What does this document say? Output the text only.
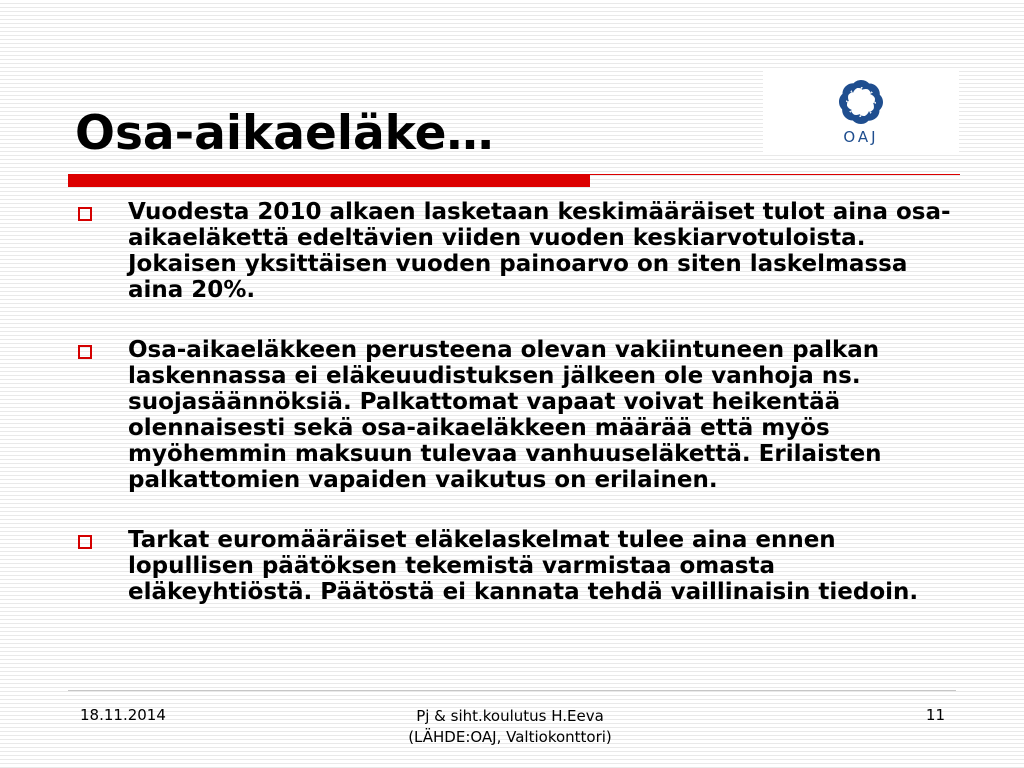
Osa-aikaeläke…	OAJ
Vuodesta 2010 alkaen lasketaan keskimääräiset tulot aina osa-aikaeläkettä edeltävien viiden vuoden keskiarvotuloista. Jokaisen yksittäisen vuoden painoarvo on siten laskelmassa aina 20%.
Osa-aikaeläkkeen perusteena olevan vakiintuneen palkan laskennassa ei eläkeuudistuksen jälkeen ole vanhoja ns. suojasäännöksiä. Palkattomat vapaat voivat heikentää olennaisesti sekä osa-aikaeläkkeen määrää että myös myöhemmin maksuun tulevaa vanhuuseläkettä. Erilaisten palkattomien vapaiden vaikutus on erilainen.
Tarkat euromääräiset eläkelaskelmat tulee aina ennen lopullisen päätöksen tekemistä varmistaa omasta eläkeyhtiöstä. Päätöstä ei kannata tehdä vaillinaisin tiedoin.
18.11.2014	Pj & siht.koulutus H.Eeva
(LÄHDE:OAJ, Valtiokonttori)
11
